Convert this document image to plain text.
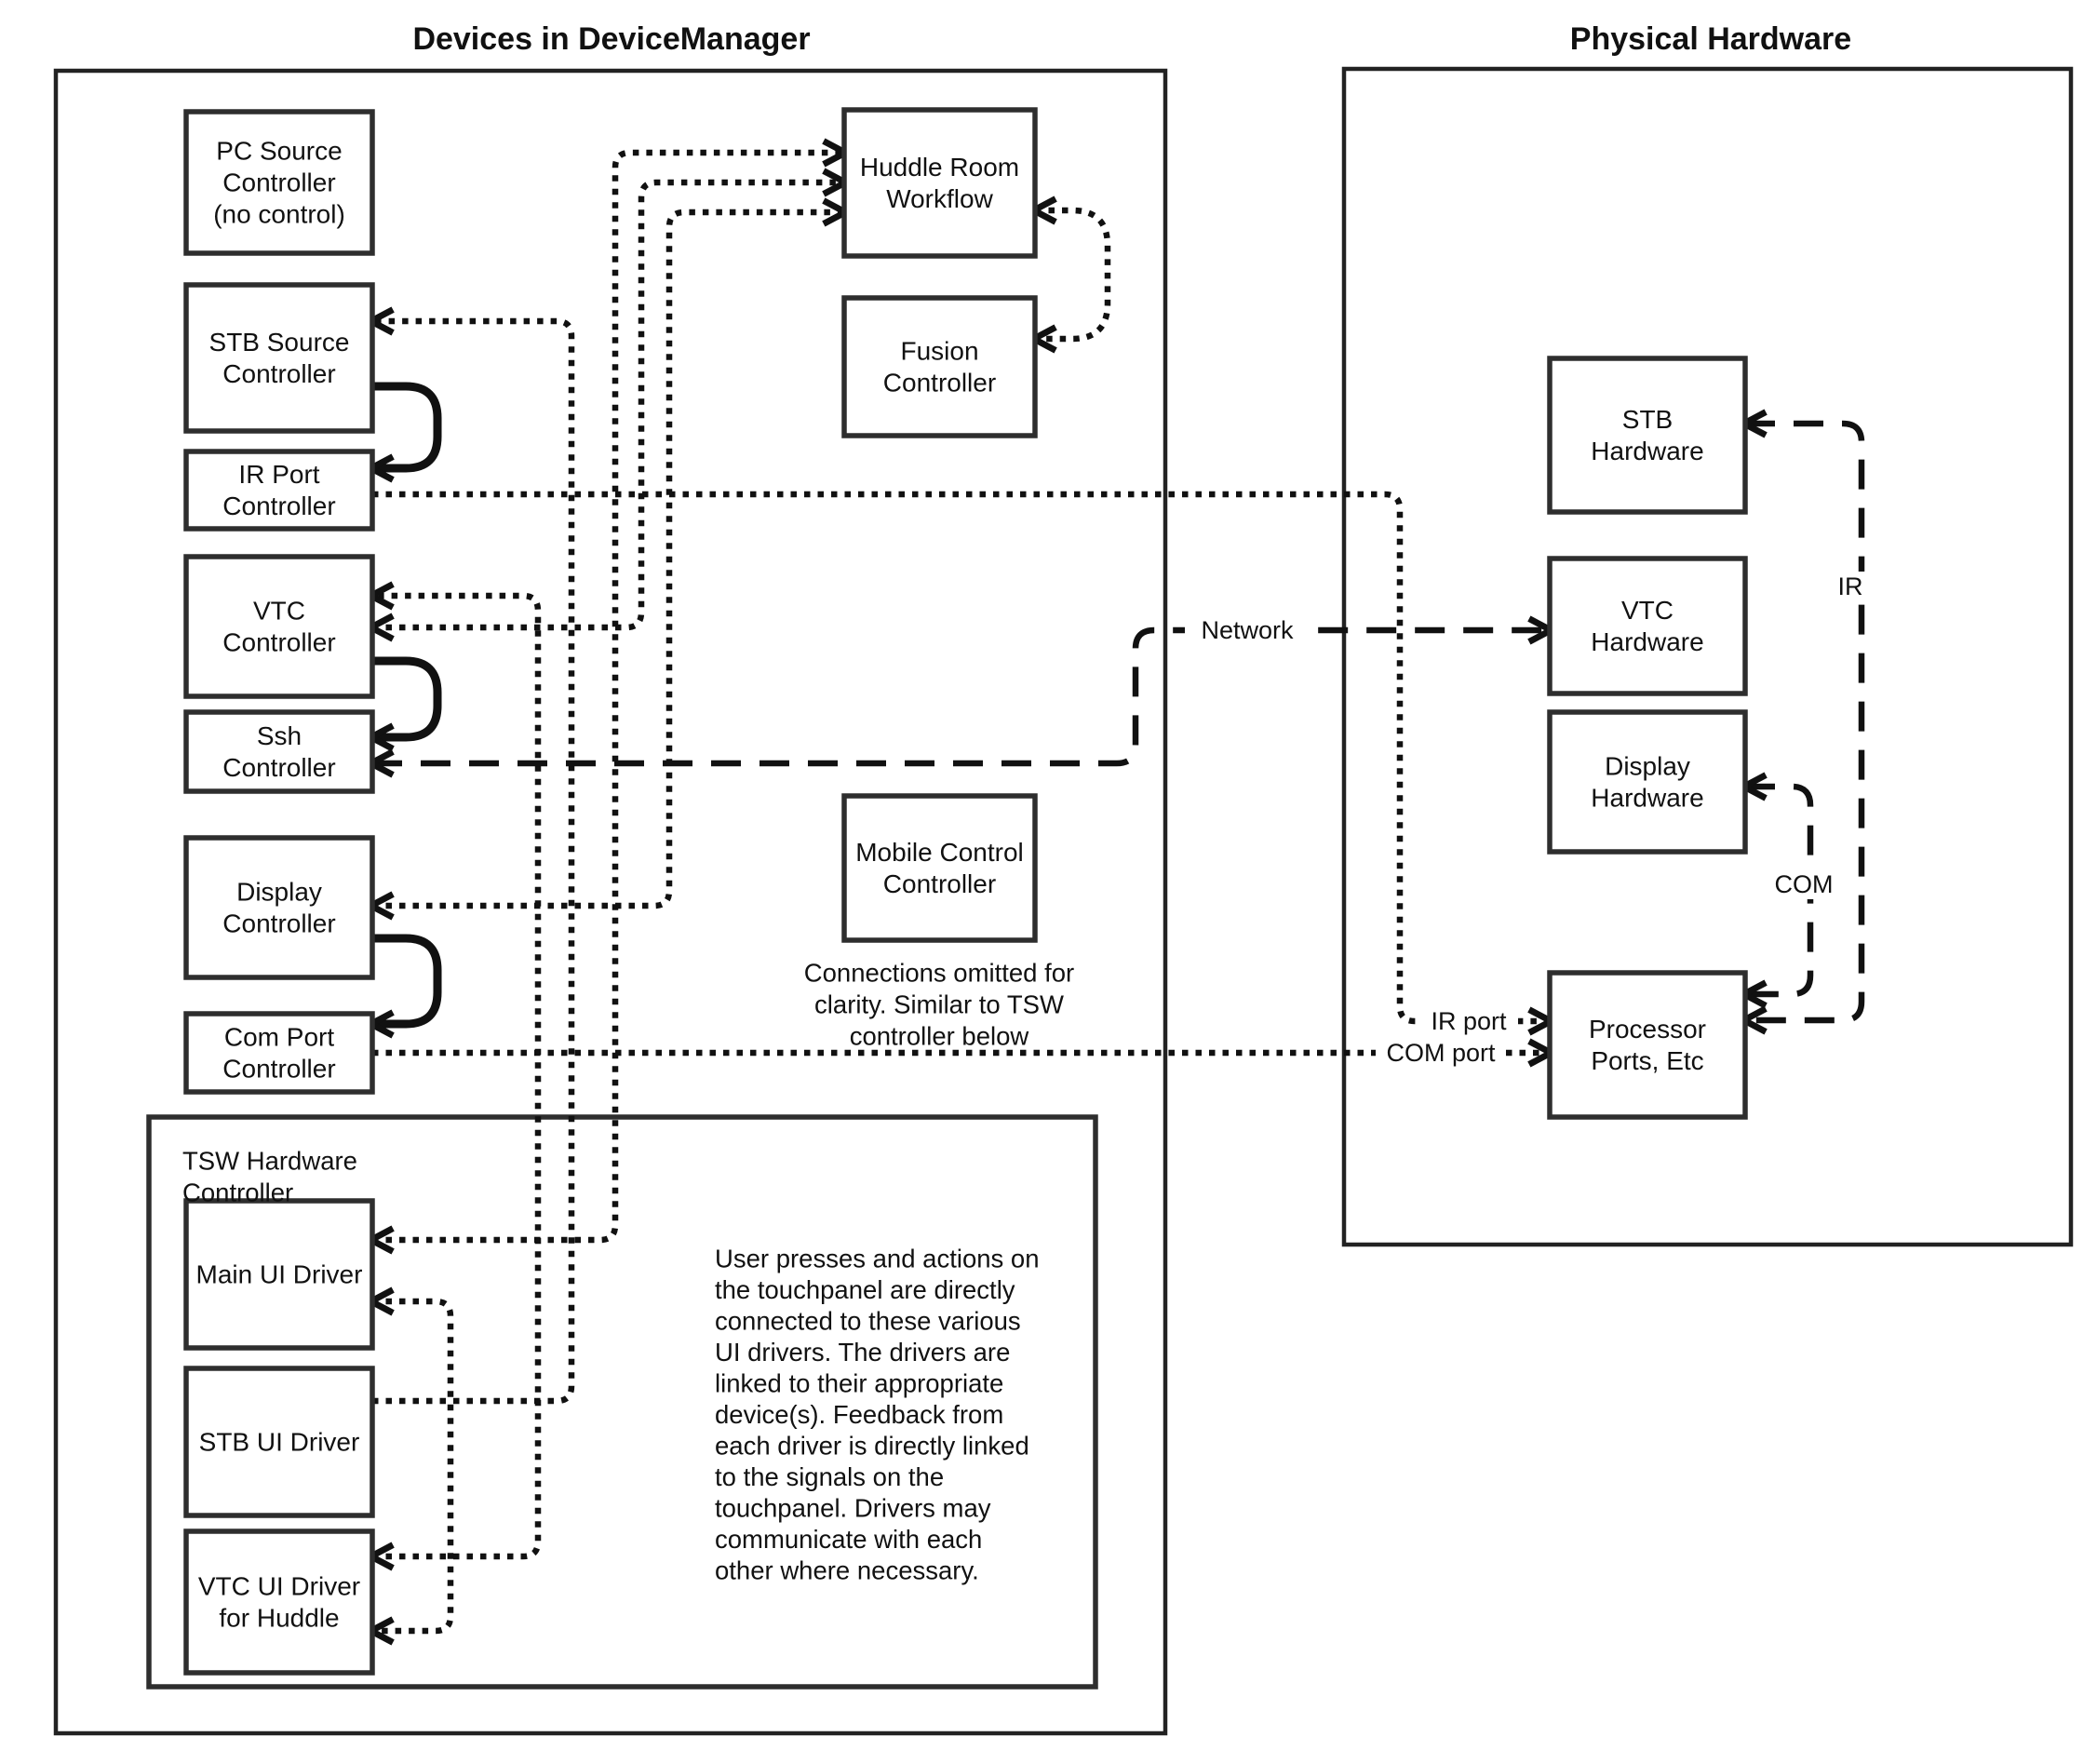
PC Source
Controller
(no control)
STB Source
Controller
IR Port
Controller
VTC
Controller
Ssh
Controller
Display
Controller
Com Port
Controller
Main UI Driver
STB UI Driver
VTC UI Driver
for Huddle
Huddle Room
Workflow
Fusion
Controller
Mobile Control
Controller
STB
Hardware
VTC
Hardware
Display
Hardware
Processor
Ports, Etc
Devices in DeviceManager	Physical Hardware
IR port
COM port
Network
IR
COM
TSW Hardware
Controller
Connections omitted for
clarity. Similar to TSW
controller below
User presses and actions on
the touchpanel are directly
connected to these various
UI drivers. The drivers are
linked to their appropriate
device(s). Feedback from
each driver is directly linked
to the signals on the
touchpanel. Drivers may
communicate with each
other where necessary.
